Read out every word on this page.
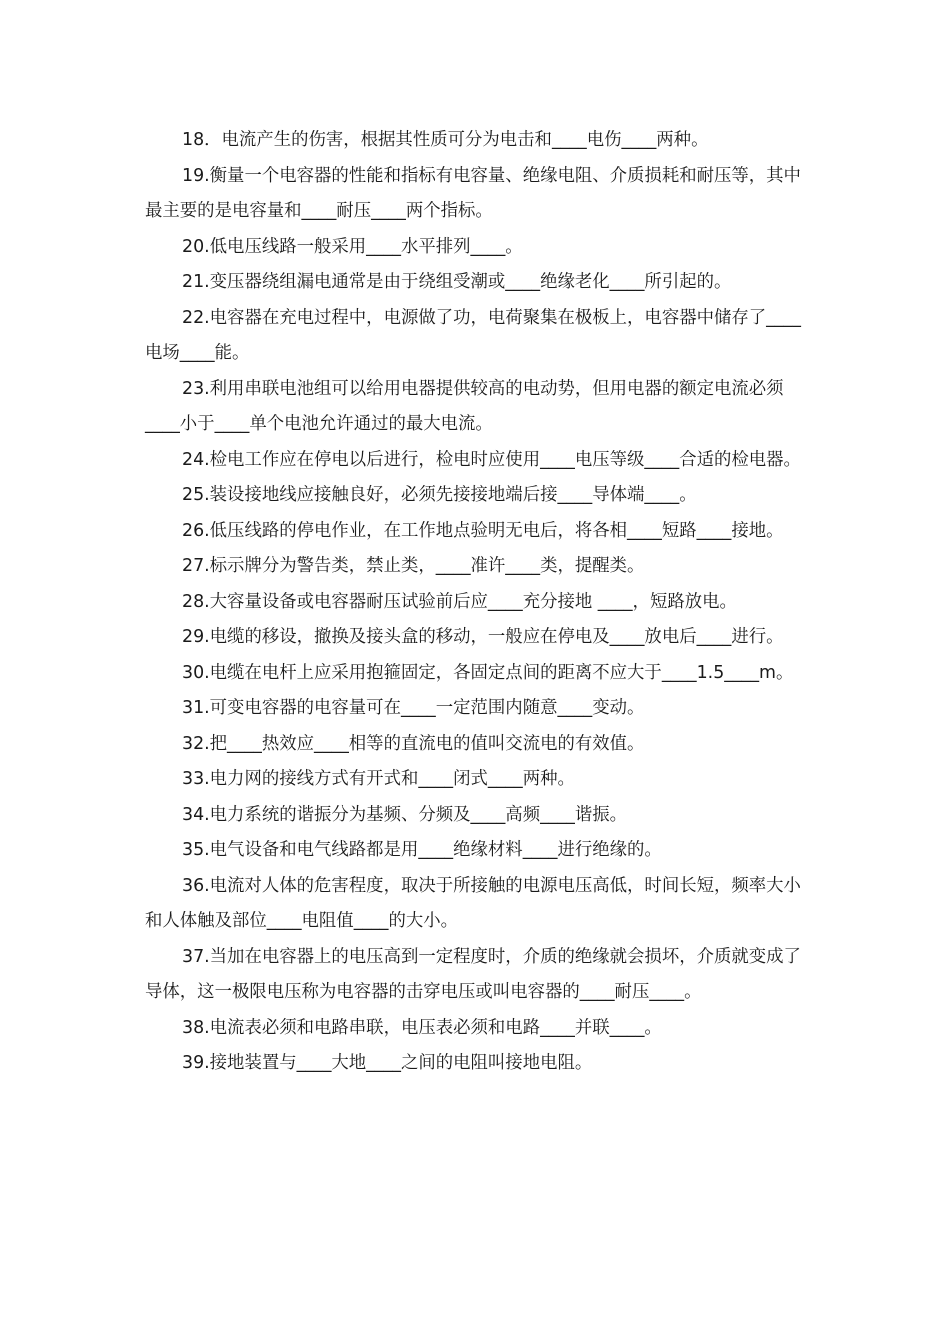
18．电流产生的伤害，根据其性质可分为电击和____电伤____两种。

19.衡量一个电容器的性能和指标有电容量、绝缘电阻、介质损耗和耐压等，其中最主要的是电容量和____耐压____两个指标。

20.低电压线路一般采用____水平排列____。

21.变压器绕组漏电通常是由于绕组受潮或____绝缘老化____所引起的。

22.电容器在充电过程中，电源做了功，电荷聚集在极板上，电容器中储存了____电场____能。

23.利用串联电池组可以给用电器提供较高的电动势，但用电器的额定电流必须____小于____单个电池允许通过的最大电流。

24.检电工作应在停电以后进行，检电时应使用____电压等级____合适的检电器。

25.装设接地线应接触良好，必须先接接地端后接____导体端____。

26.低压线路的停电作业，在工作地点验明无电后，将各相____短路____接地。

27.标示牌分为警告类，禁止类，____准许____类，提醒类。

28.大容量设备或电容器耐压试验前后应____充分接地 ____，短路放电。

29.电缆的移设，撤换及接头盒的移动，一般应在停电及____放电后____进行。

30.电缆在电杆上应采用抱箍固定，各固定点间的距离不应大于____1.5____m。

31.可变电容器的电容量可在____一定范围内随意____变动。

32.把____热效应____相等的直流电的值叫交流电的有效值。

33.电力网的接线方式有开式和____闭式____两种。

34.电力系统的谐振分为基频、分频及____高频____谐振。

35.电气设备和电气线路都是用____绝缘材料____进行绝缘的。

36.电流对人体的危害程度，取决于所接触的电源电压高低，时间长短，频率大小和人体触及部位____电阻值____的大小。

37.当加在电容器上的电压高到一定程度时，介质的绝缘就会损坏，介质就变成了导体，这一极限电压称为电容器的击穿电压或叫电容器的____耐压____。

38.电流表必须和电路串联，电压表必须和电路____并联____。

39.接地装置与____大地____之间的电阻叫接地电阻。
